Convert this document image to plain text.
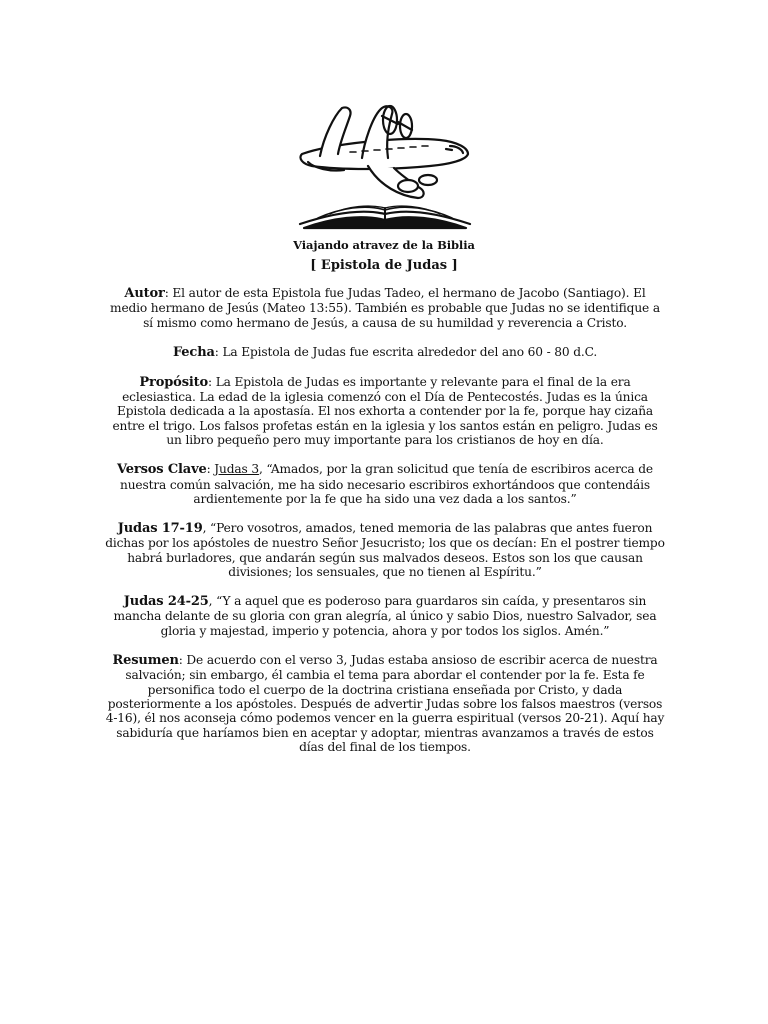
Viajando atravez de la Biblia
[ Epistola de Judas ]

Autor: El autor de esta Epistola fue Judas Tadeo, el hermano de Jacobo (Santiago). El medio hermano de Jesús (Mateo 13:55). También es probable que Judas no se identifique a sí mismo como hermano de Jesús, a causa de su humildad y reverencia a Cristo.

Fecha: La Epistola de Judas fue escrita alrededor del ano 60 - 80 d.C.

Propósito: La Epistola de Judas es importante y relevante para el final de la era eclesiastica. La edad de la iglesia comenzó con el Día de Pentecostés. Judas es la única Epistola dedicada a la apostasía. El nos exhorta a contender por la fe, porque hay cizaña entre el trigo. Los falsos profetas están en la iglesia y los santos están en peligro. Judas es un libro pequeño pero muy importante para los cristianos de hoy en día.

Versos Clave: Judas 3, “Amados, por la gran solicitud que tenía de escribiros acerca de nuestra común salvación, me ha sido necesario escribiros exhortándoos que contendáis ardientemente por la fe que ha sido una vez dada a los santos.”

Judas 17-19, “Pero vosotros, amados, tened memoria de las palabras que antes fueron dichas por los apóstoles de nuestro Señor Jesucristo; los que os decían: En el postrer tiempo habrá burladores, que andarán según sus malvados deseos. Estos son los que causan divisiones; los sensuales, que no tienen al Espíritu.”

Judas 24-25, “Y a aquel que es poderoso para guardaros sin caída, y presentaros sin mancha delante de su gloria con gran alegría, al único y sabio Dios, nuestro Salvador, sea gloria y majestad, imperio y potencia, ahora y por todos los siglos. Amén.”

Resumen: De acuerdo con el verso 3, Judas estaba ansioso de escribir acerca de nuestra salvación; sin embargo, él cambia el tema para abordar el contender por la fe. Esta fe personifica todo el cuerpo de la doctrina cristiana enseñada por Cristo, y dada posteriormente a los apóstoles. Después de advertir Judas sobre los falsos maestros (versos 4-16), él nos aconseja cómo podemos vencer en la guerra espiritual (versos 20-21). Aquí hay sabiduría que haríamos bien en aceptar y adoptar, mientras avanzamos a través de estos días del final de los tiempos.
